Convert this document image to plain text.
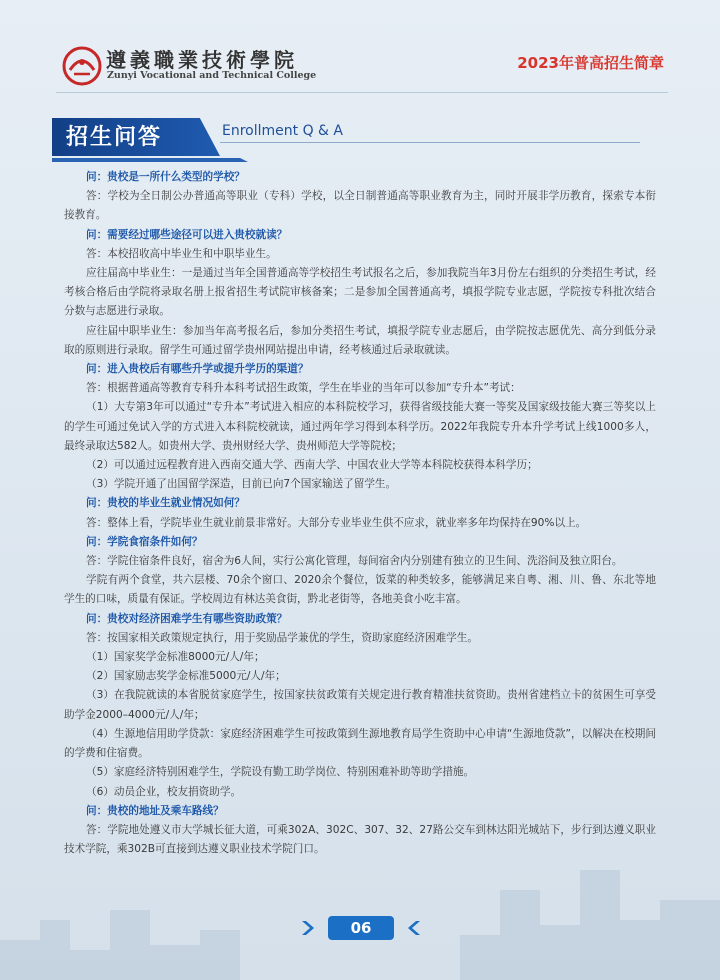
遵義職業技術學院
Zunyi Vocational and Technical College
2023年普高招生简章
招生问答	Enrollment Q & A

问：贵校是一所什么类型的学校？

答：学校为全日制公办普通高等职业（专科）学校，以全日制普通高等职业教育为主，同时开展非学历教育，探索专本衔接教育。

问：需要经过哪些途径可以进入贵校就读？

答：本校招收高中毕业生和中职毕业生。

应往届高中毕业生：一是通过当年全国普通高等学校招生考试报名之后，参加我院当年3月份左右组织的分类招生考试，经考核合格后由学院将录取名册上报省招生考试院审核备案；二是参加全国普通高考，填报学院专业志愿，学院按专科批次结合分数与志愿进行录取。

应往届中职毕业生：参加当年高考报名后，参加分类招生考试，填报学院专业志愿后，由学院按志愿优先、高分到低分录取的原则进行录取。留学生可通过留学贵州网站提出申请，经考核通过后录取就读。

问：进入贵校后有哪些升学或提升学历的渠道？

答：根据普通高等教育专科升本科考试招生政策，学生在毕业的当年可以参加“专升本”考试：

（1）大专第3年可以通过“专升本”考试进入相应的本科院校学习，获得省级技能大赛一等奖及国家级技能大赛三等奖以上的学生可通过免试入学的方式进入本科院校就读，通过两年学习得到本科学历。2022年我院专升本升学考试上线1000多人，最终录取达582人。如贵州大学、贵州财经大学、贵州师范大学等院校；

（2）可以通过远程教育进入西南交通大学、西南大学、中国农业大学等本科院校获得本科学历；

（3）学院开通了出国留学深造，目前已向7个国家输送了留学生。

问：贵校的毕业生就业情况如何？

答：整体上看，学院毕业生就业前景非常好。大部分专业毕业生供不应求，就业率多年均保持在90%以上。

问：学院食宿条件如何？

答：学院住宿条件良好，宿舍为6人间，实行公寓化管理，每间宿舍内分别建有独立的卫生间、洗浴间及独立阳台。

学院有两个食堂，共六层楼、70余个窗口、2020余个餐位，饭菜的种类较多，能够满足来自粤、湘、川、鲁、东北等地学生的口味，质量有保证。学校周边有林达美食街，黔北老街等，各地美食小吃丰富。

问：贵校对经济困难学生有哪些资助政策？

答：按国家相关政策规定执行，用于奖励品学兼优的学生，资助家庭经济困难学生。

（1）国家奖学金标准8000元/人/年；

（2）国家励志奖学金标准5000元/人/年；

（3）在我院就读的本省脱贫家庭学生，按国家扶贫政策有关规定进行教育精准扶贫资助。贵州省建档立卡的贫困生可享受助学金2000–4000元/人/年；

（4）生源地信用助学贷款：家庭经济困难学生可按政策到生源地教育局学生资助中心申请“生源地贷款”，以解决在校期间的学费和住宿费。

（5）家庭经济特别困难学生，学院设有勤工助学岗位、特别困难补助等助学措施。

（6）动员企业，校友捐资助学。

问：贵校的地址及乘车路线？

答：学院地处遵义市大学城长征大道，可乘302A、302C、307、32、27路公交车到林达阳光城站下，步行到达遵义职业技术学院，乘302B可直接到达遵义职业技术学院门口。

06
